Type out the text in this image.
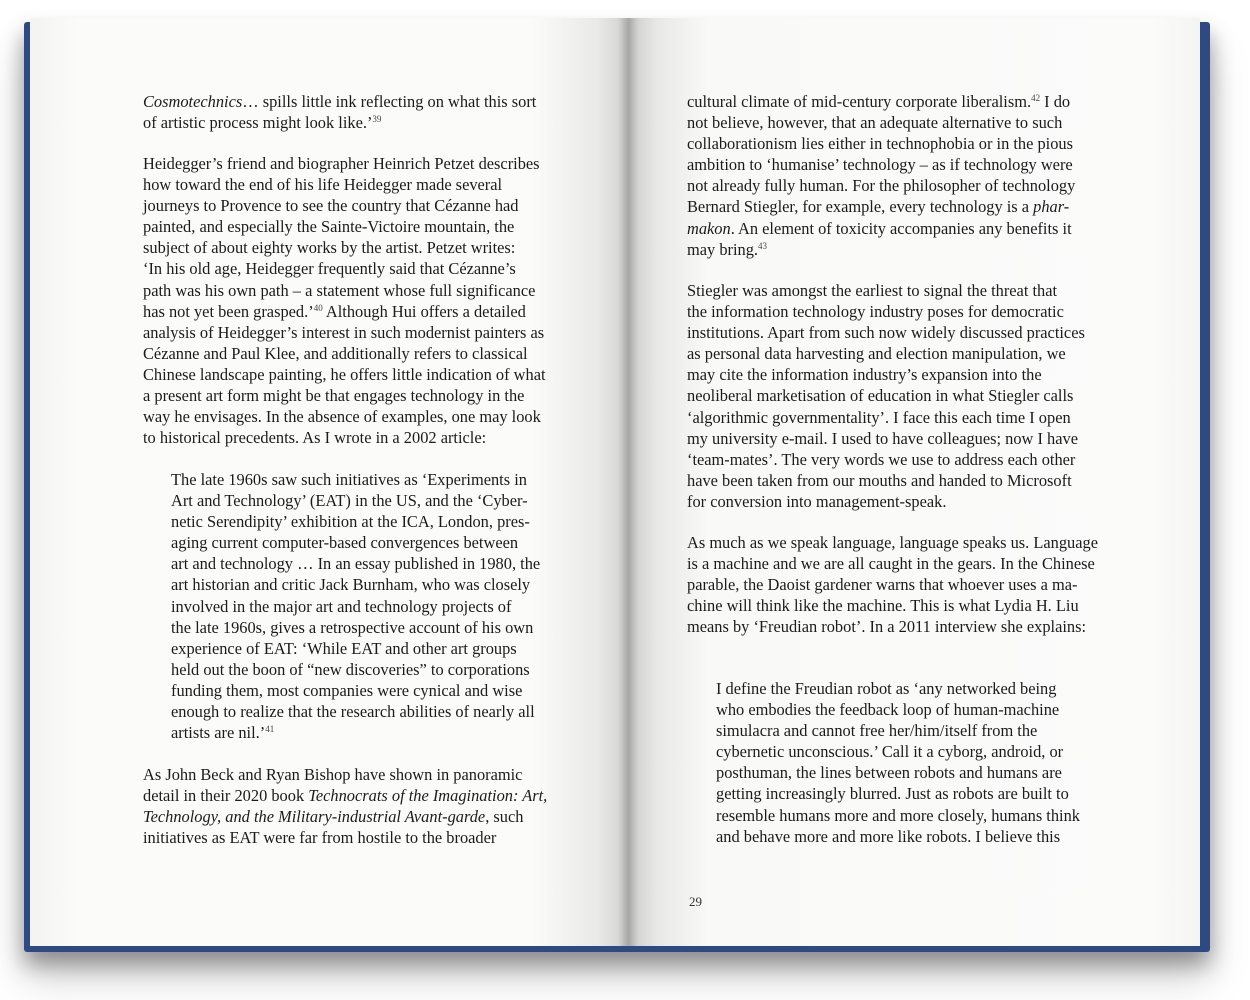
Cosmotechnics… spills little ink reflecting on what this sort
of artistic process might look like.’$^{39}$
Heidegger’s friend and biographer Heinrich Petzet describes
how toward the end of his life Heidegger made several
journeys to Provence to see the country that Cézanne had
painted, and especially the Sainte-Victoire mountain, the
subject of about eighty works by the artist. Petzet writes:
‘In his old age, Heidegger frequently said that Cézanne’s
path was his own path – a statement whose full significance
has not yet been grasped.’$^{40}$ Although Hui offers a detailed
analysis of Heidegger’s interest in such modernist painters as
Cézanne and Paul Klee, and additionally refers to classical
Chinese landscape painting, he offers little indication of what
a present art form might be that engages technology in the
way he envisages. In the absence of examples, one may look
to historical precedents. As I wrote in a 2002 article:
The late 1960s saw such initiatives as ‘Experiments in
Art and Technology’ (EAT) in the US, and the ‘Cyber-
netic Serendipity’ exhibition at the ICA, London, pres-
aging current computer-based convergences between
art and technology … In an essay published in 1980, the
art historian and critic Jack Burnham, who was closely
involved in the major art and technology projects of
the late 1960s, gives a retrospective account of his own
experience of EAT: ‘While EAT and other art groups
held out the boon of “new discoveries” to corporations
funding them, most companies were cynical and wise
enough to realize that the research abilities of nearly all
artists are nil.’$^{41}$
As John Beck and Ryan Bishop have shown in panoramic
detail in their 2020 book Technocrats of the Imagination: Art,
Technology, and the Military-industrial Avant-garde, such
initiatives as EAT were far from hostile to the broader
cultural climate of mid-century corporate liberalism.$^{42}$ I do
not believe, however, that an adequate alternative to such
collaborationism lies either in technophobia or in the pious
ambition to ‘humanise’ technology – as if technology were
not already fully human. For the philosopher of technology
Bernard Stiegler, for example, every technology is a phar-
makon. An element of toxicity accompanies any benefits it
may bring.$^{43}$
Stiegler was amongst the earliest to signal the threat that
the information technology industry poses for democratic
institutions. Apart from such now widely discussed practices
as personal data harvesting and election manipulation, we
may cite the information industry’s expansion into the
neoliberal marketisation of education in what Stiegler calls
‘algorithmic governmentality’. I face this each time I open
my university e-mail. I used to have colleagues; now I have
‘team-mates’. The very words we use to address each other
have been taken from our mouths and handed to Microsoft
for conversion into management-speak.
As much as we speak language, language speaks us. Language
is a machine and we are all caught in the gears. In the Chinese
parable, the Daoist gardener warns that whoever uses a ma-
chine will think like the machine. This is what Lydia H. Liu
means by ‘Freudian robot’. In a 2011 interview she explains:
I define the Freudian robot as ‘any networked being
who embodies the feedback loop of human-machine
simulacra and cannot free her/him/itself from the
cybernetic unconscious.’ Call it a cyborg, android, or
posthuman, the lines between robots and humans are
getting increasingly blurred. Just as robots are built to
resemble humans more and more closely, humans think
and behave more and more like robots. I believe this
29
